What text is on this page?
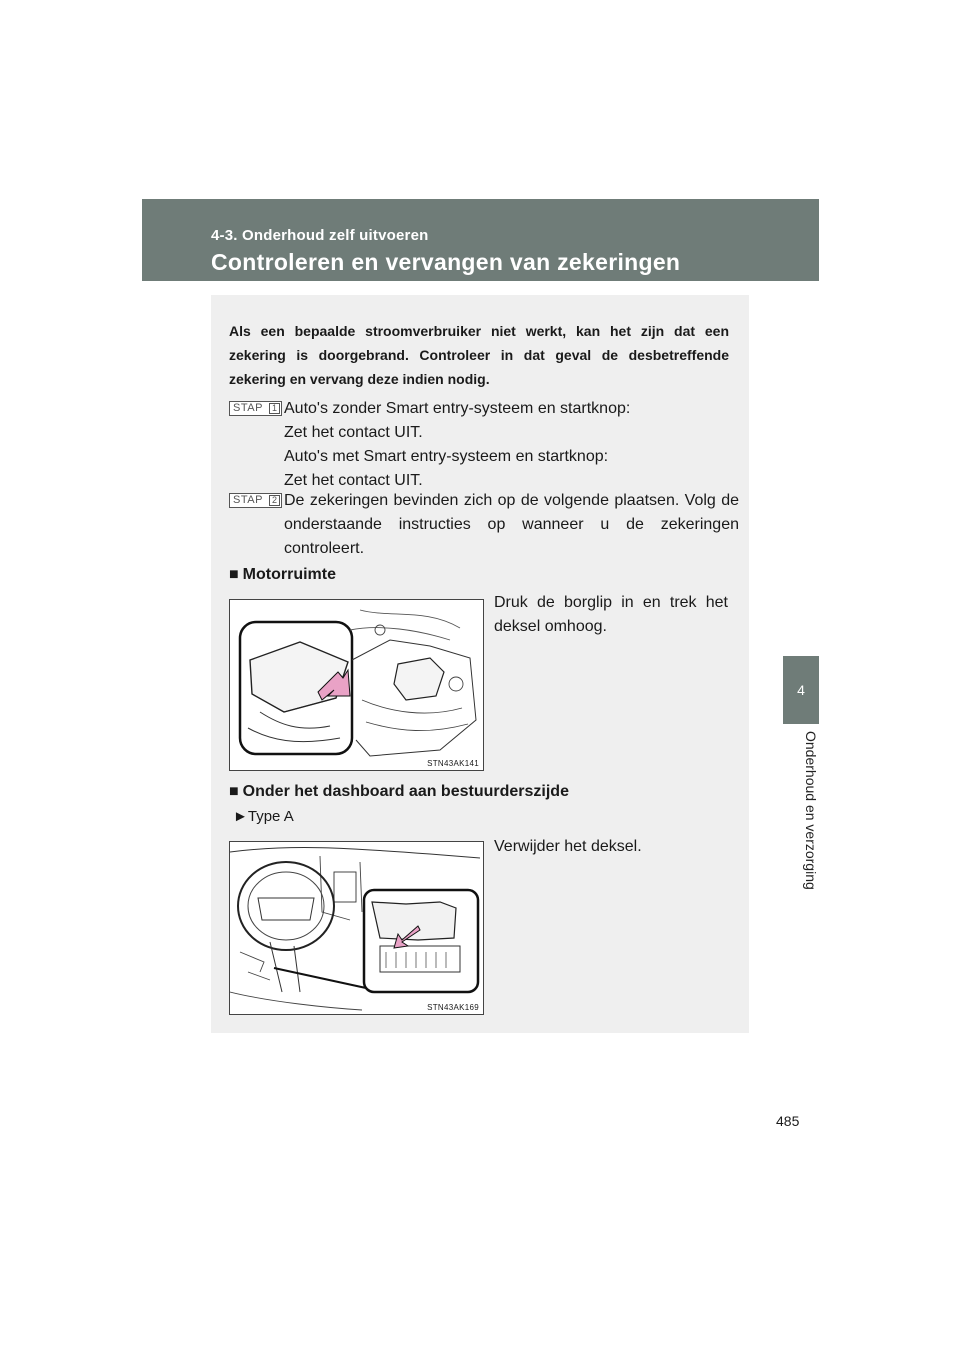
4-3. Onderhoud zelf uitvoeren
Controleren en vervangen van zekeringen
4
Onderhoud en verzorging
Als een bepaalde stroomverbruiker niet werkt, kan het zijn dat een zekering is doorgebrand. Controleer in dat geval de desbetreffende zekering en vervang deze indien nodig.
STAP	1 Auto's zonder Smart entry-systeem en startknop:
Zet het contact UIT.
Auto's met Smart entry-systeem en startknop:
Zet het contact UIT.
STAP	2 De zekeringen bevinden zich op de volgende plaatsen. Volg de onderstaande instructies op wanneer u de zekeringen controleert.
■ Motorruimte
STN43AK141
Druk de borglip in en trek het deksel omhoog.
■ Onder het dashboard aan bestuurderszijde
►Type A
STN43AK169
Verwijder het deksel.
485
